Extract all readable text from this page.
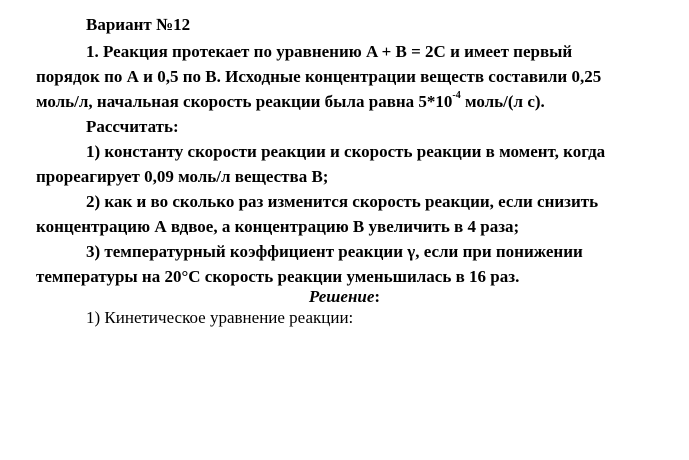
Вариант №12
1. Реакция протекает по уравнению A + B = 2C и имеет первый
порядок по А и 0,5 по В. Исходные концентрации веществ составили 0,25
моль/л, начальная скорость реакции была равна $5*10^{-4}$ моль/(л с).
Рассчитать:
1) константу скорости реакции и скорость реакции в момент, когда
прореагирует 0,09 моль/л вещества В;
2) как и во сколько раз изменится скорость реакции, если снизить
концентрацию А вдвое, а концентрацию В увеличить в 4 раза;
3) температурный коэффициент реакции γ, если при понижении
температуры на 20°С скорость реакции уменьшилась в 16 раз.
Решение:
1) Кинетическое уравнение реакции:
